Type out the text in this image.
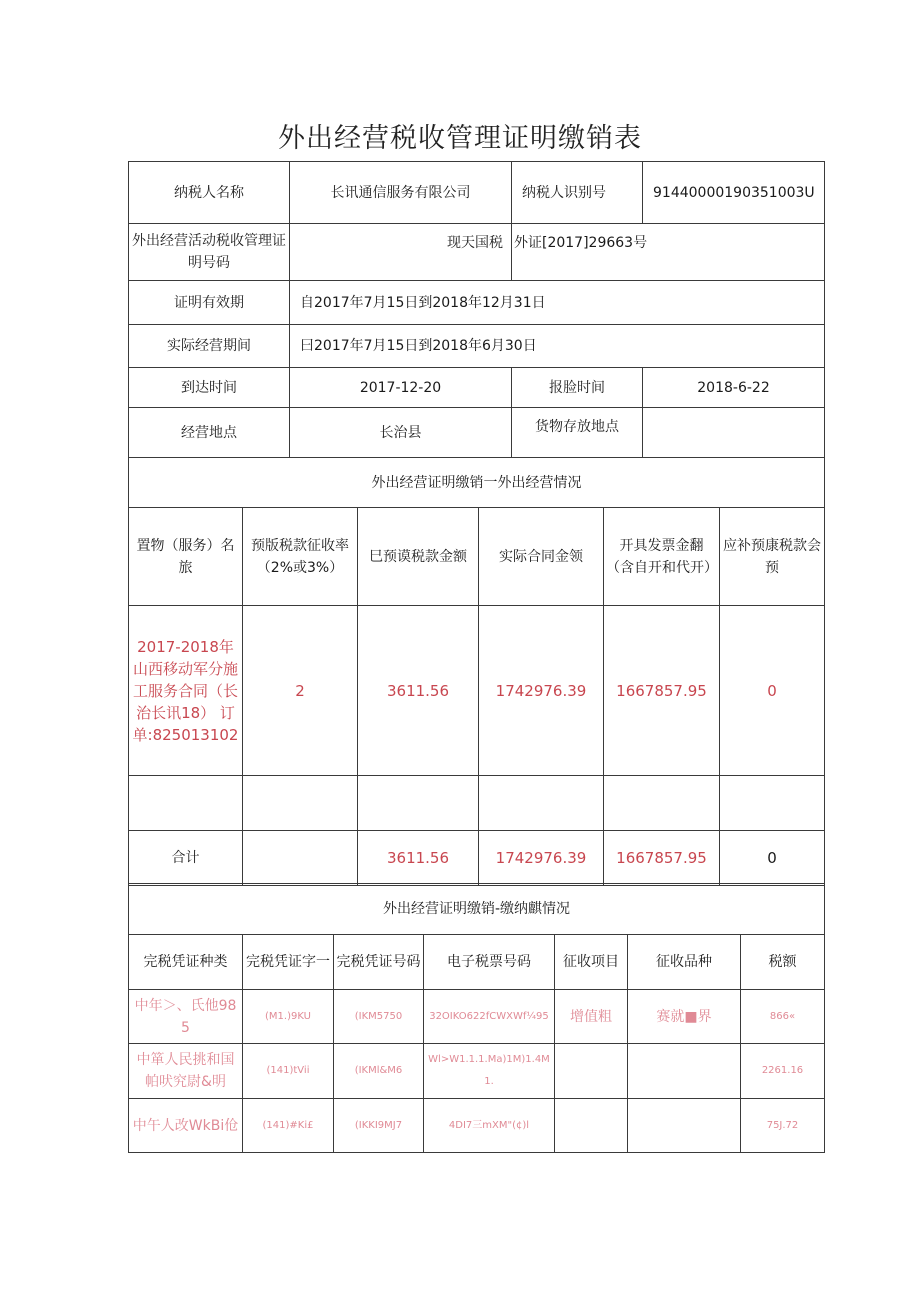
外出经营税收管理证明缴销表
纳税人名称	长讯通信服务有限公司	纳税人识别号	91440000190351003U
外出经营活动税收管理证明号码	现天国税	外证[2017]29663号	
证明有效期	自2017年7月15日到2018年12月31日		
实际经营期间	曰2017年7月15日到2018年6月30日		
到达时间	2017-12-20	报脸时间	2018-6-22
经营地点	长治县	货物存放地点	
外出经营证明缴销一外出经营情况					
置物（服务）名旅	预版税款征收率（2%或3%）	巳预谟税款金额	实际合同金领	开具发票金翻（含自开和代开）	应补预康税款会预
2017-2018年山西移动军分施工服务合同（长治长讯18） 订单:825013102	2	3611.56	1742976.39	1667857.95	0

合计		3611.56	1742976.39	1667857.95	0
外出经营证明缴销-缴纳麒情况						
完税凭证种类	完税凭证字一	完税凭证号码	电子税票号码	征收项目	征收品种	税额
中年＞、氏他985	(M1.)9KU	(IKM5750	32OIKO622fCWXWf¼95	增值粗	赛就■界	866«
中箪人民挑和国帕吠究尉&明	(141)tVii	(IKMl&M6	Wl>W1.1.1.Ma)1M)1.4M1.			2261.16
中午人改WkBi伧	(141)#Ki£	(IKKI9MJ7	4DI7三mXM"(¢)l			75J.72
